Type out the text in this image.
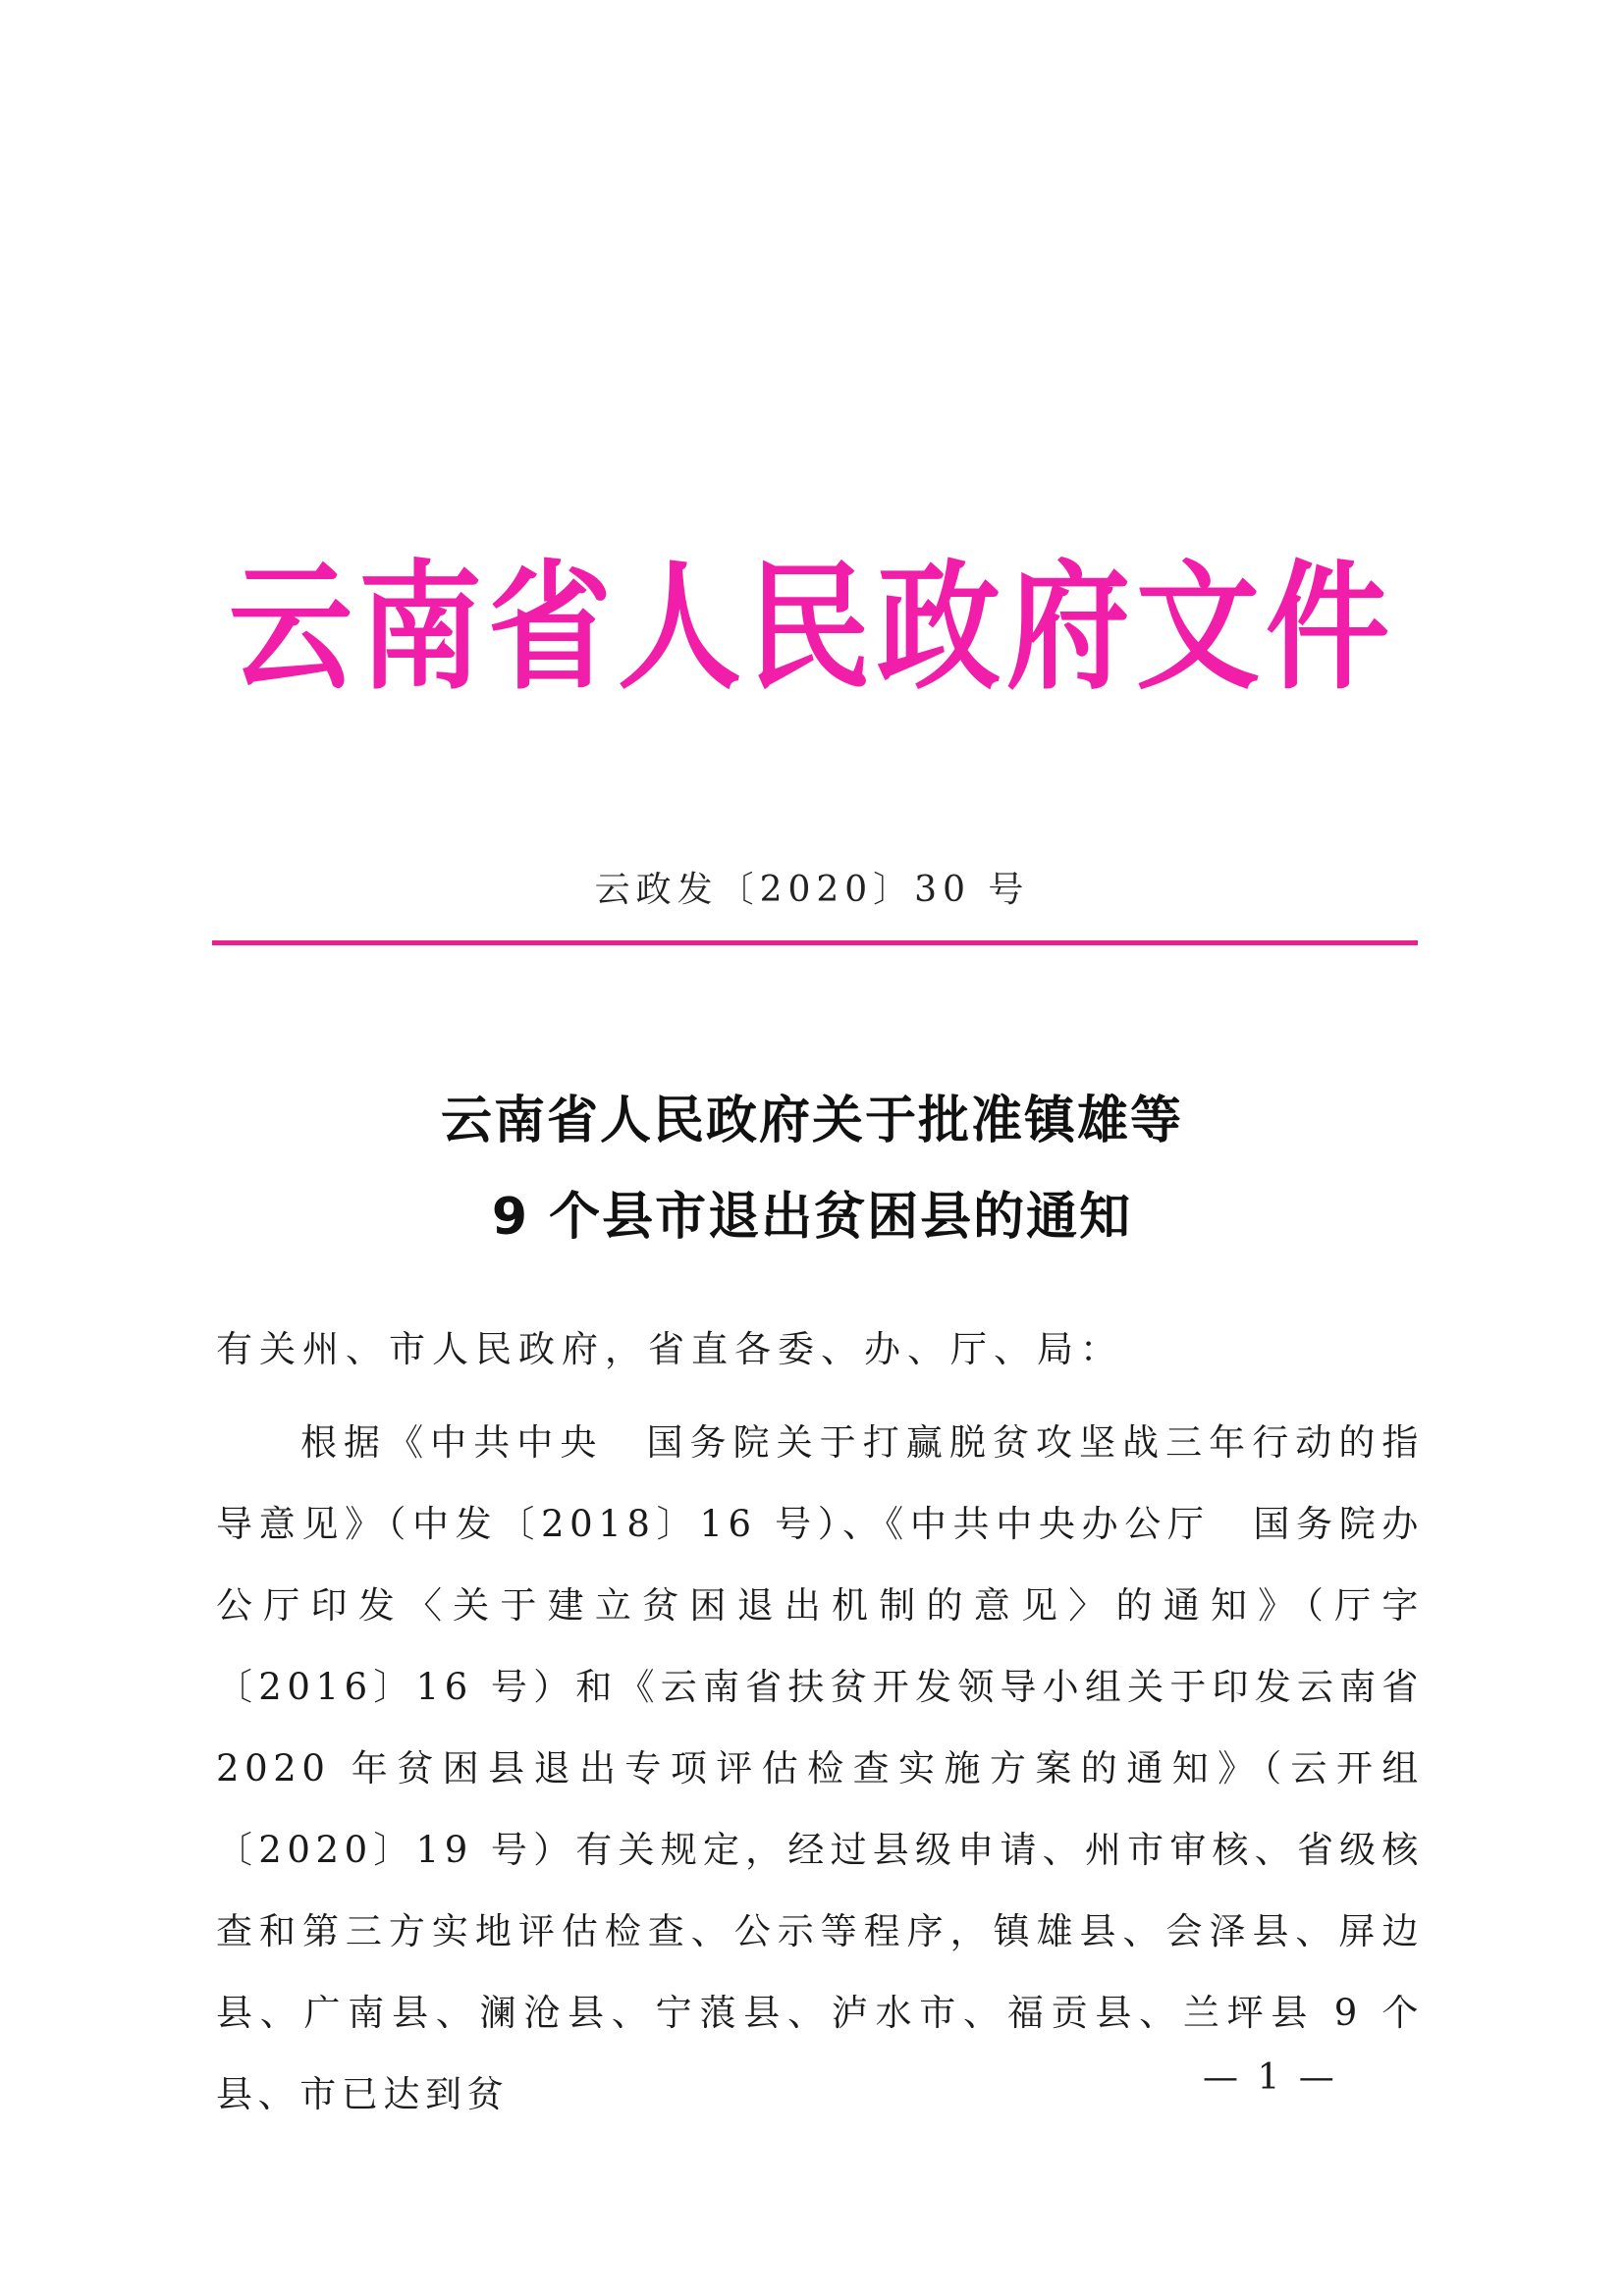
云南省人民政府文件
云政发〔2020〕30 号
云南省人民政府关于批准镇雄等
9 个县市退出贫困县的通知
有关州、市人民政府，省直各委、办、厅、局：

根据《中共中央　国务院关于打赢脱贫攻坚战三年行动的指导意见》（中发〔2018〕16 号）、《中共中央办公厅　国务院办公厅印发〈关于建立贫困退出机制的意见〉的通知》（厅字〔2016〕16 号）和《云南省扶贫开发领导小组关于印发云南省 2020 年贫困县退出专项评估检查实施方案的通知》（云开组〔2020〕19 号）有关规定，经过县级申请、州市审核、省级核查和第三方实地评估检查、公示等程序，镇雄县、会泽县、屏边县、广南县、澜沧县、宁蒗县、泸水市、福贡县、兰坪县 9 个县、市已达到贫	— 1 —
